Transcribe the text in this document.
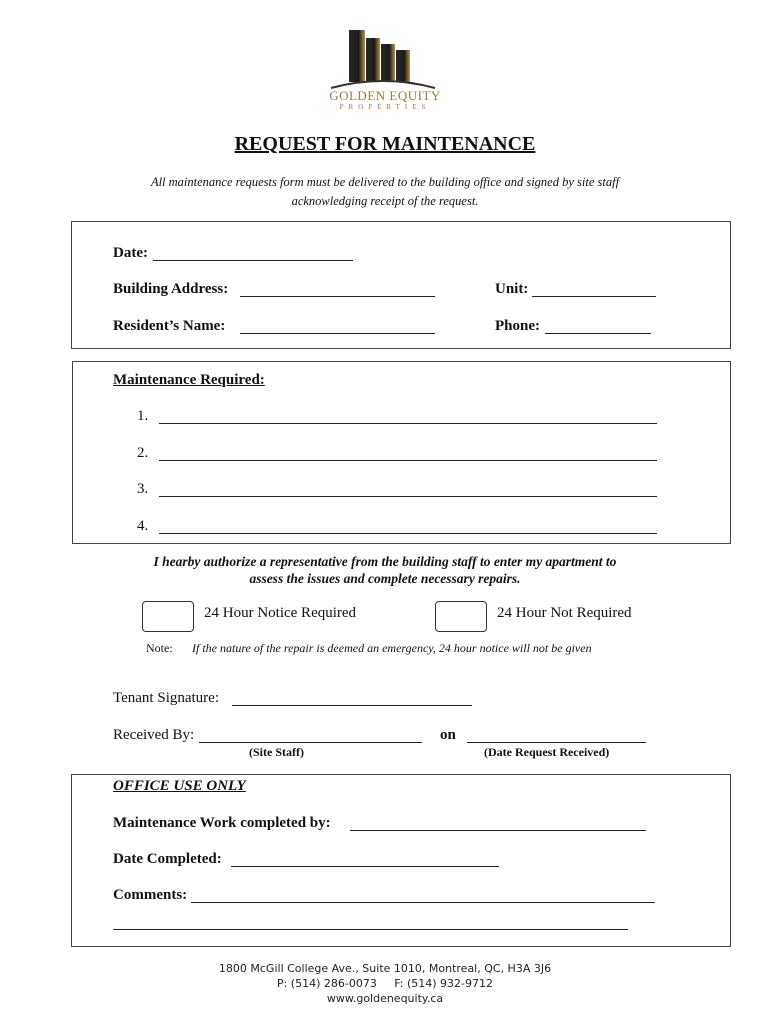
GOLDEN EQUITY
PROPERTIES
REQUEST FOR MAINTENANCE
All maintenance requests form must be delivered to the building office and signed by site staff
acknowledging receipt of the request.
Date:
Building Address:	Unit:
Resident’s Name:	Phone:
Maintenance Required:
1.
2.
3.
4.
I hearby authorize a representative from the building staff to enter my apartment to
assess the issues and complete necessary repairs.
24 Hour Notice Required	24 Hour Not Required
Note: If the nature of the repair is deemed an emergency, 24 hour notice will not be given
Tenant Signature:
Received By:	on
(Site Staff)	(Date Request Received)
OFFICE USE ONLY
Maintenance Work completed by:
Date Completed:
Comments:
1800 McGill College Ave., Suite 1010, Montreal, QC, H3A 3J6
P: (514) 286-0073     F: (514) 932-9712
www.goldenequity.ca
